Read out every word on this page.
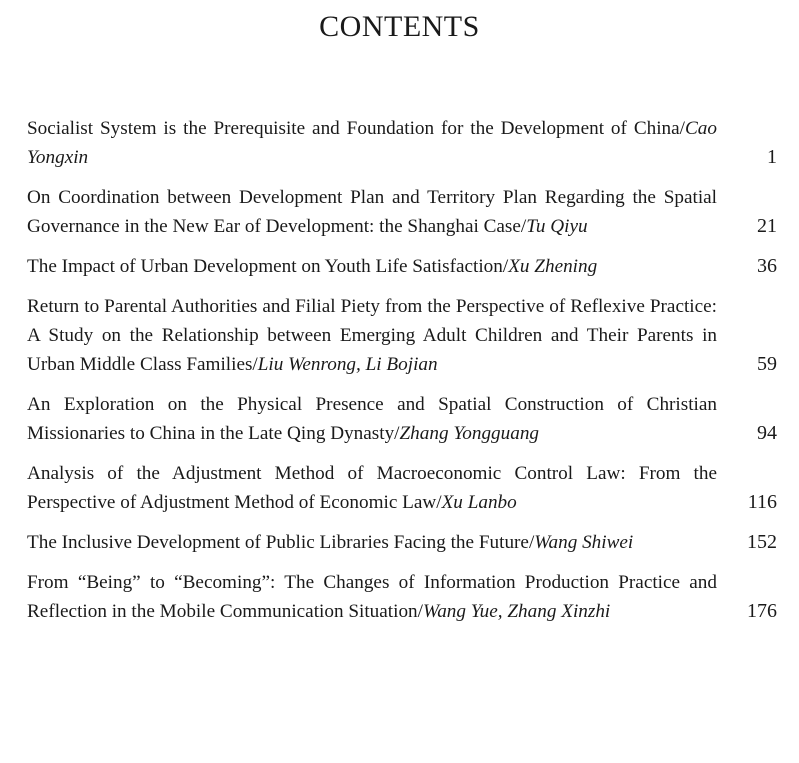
CONTENTS
Socialist System is the Prerequisite and Foundation for the Development of China/Cao Yongxin	1
On Coordination between Development Plan and Territory Plan Regarding the Spatial Governance in the New Ear of Development: the Shanghai Case/Tu Qiyu	21
The Impact of Urban Development on Youth Life Satisfaction/Xu Zhening	36
Return to Parental Authorities and Filial Piety from the Perspective of Reflexive Practice: A Study on the Relationship between Emerging Adult Children and Their Parents in Urban Middle Class Families/Liu Wenrong, Li Bojian	59
An Exploration on the Physical Presence and Spatial Construction of Christian Missionaries to China in the Late Qing Dynasty/Zhang Yongguang	94
Analysis of the Adjustment Method of Macroeconomic Control Law: From the Perspective of Adjustment Method of Economic Law/Xu Lanbo	116
The Inclusive Development of Public Libraries Facing the Future/Wang Shiwei	152
From “Being” to “Becoming”: The Changes of Information Production Practice and Reflection in the Mobile Communication Situation/Wang Yue, Zhang Xinzhi	176
